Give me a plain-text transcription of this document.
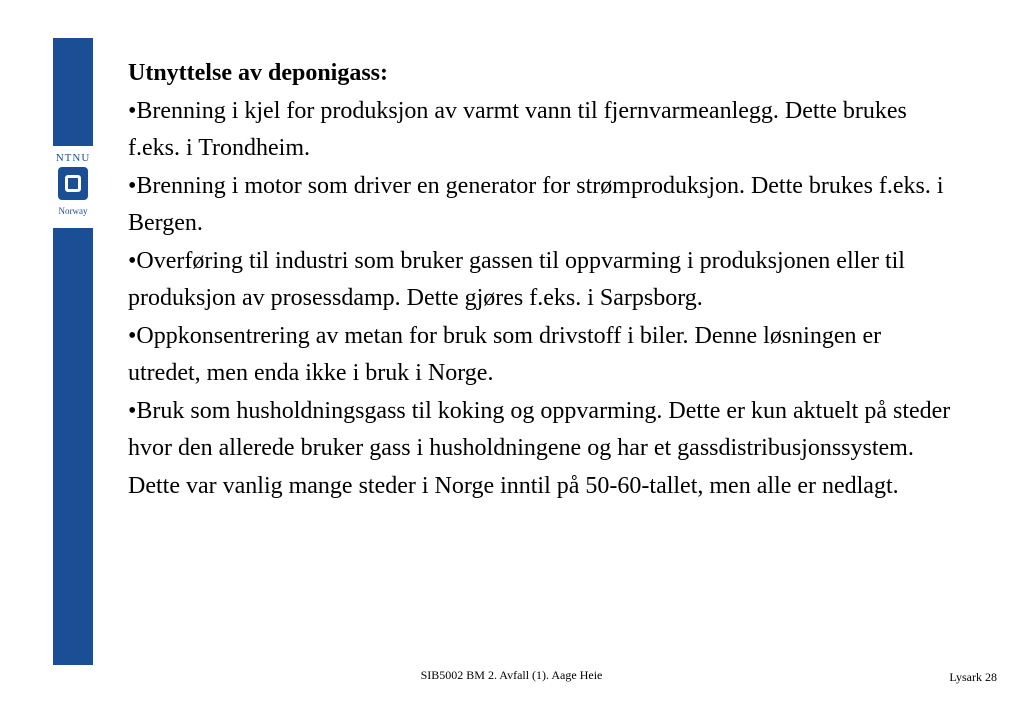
NTNU
Norway

Utnyttelse av deponigass:

•Brenning i kjel for produksjon av varmt vann til fjernvarmeanlegg. Dette brukes f.eks. i Trondheim.

•Brenning i motor som driver en generator for strømproduksjon. Dette brukes f.eks. i Bergen.

•Overføring til industri som bruker gassen til oppvarming i produksjonen eller til produksjon av prosessdamp. Dette gjøres f.eks. i Sarpsborg.

•Oppkonsentrering av metan for bruk som drivstoff i biler. Denne løsningen er utredet, men enda ikke i bruk i Norge.

•Bruk som husholdningsgass til koking og oppvarming. Dette er kun aktuelt på steder hvor den allerede bruker gass i husholdningene og har et gassdistribusjonssystem. Dette var vanlig mange steder i Norge inntil på 50-60-tallet, men alle er nedlagt.

SIB5002 BM 2. Avfall (1). Aage Heie	Lysark 28
